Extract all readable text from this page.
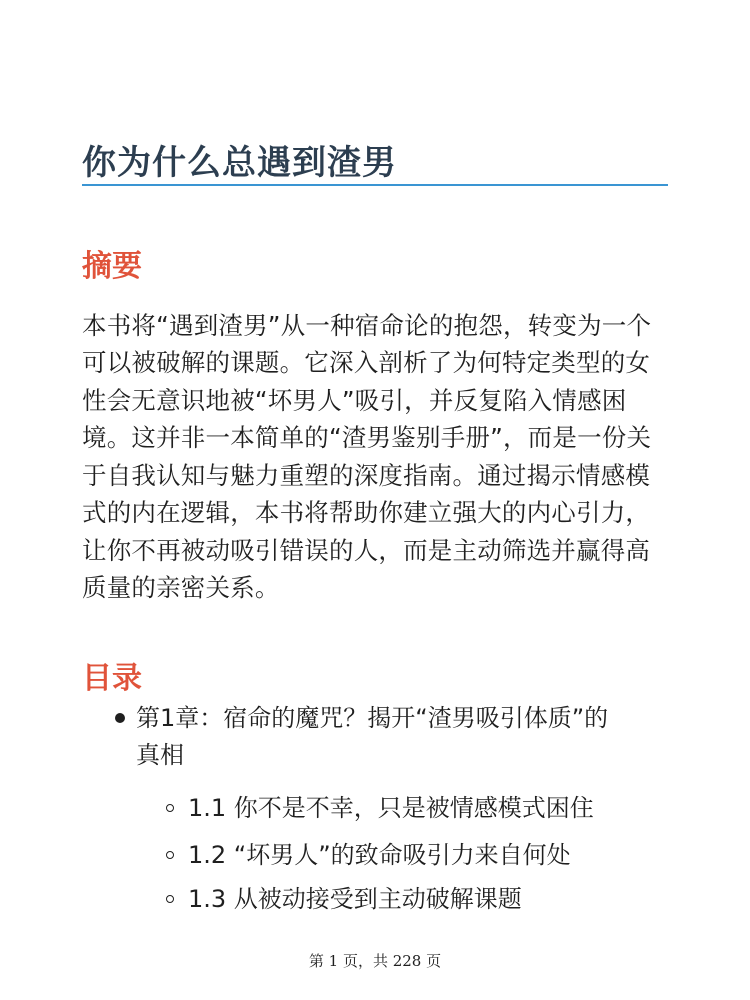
你为什么总遇到渣男
摘要

本书将“遇到渣男”从一种宿命论的抱怨，转变为一个可以被破解的课题。它深入剖析了为何特定类型的女性会无意识地被“坏男人”吸引，并反复陷入情感困境。这并非一本简单的“渣男鉴别手册”，而是一份关于自我认知与魅力重塑的深度指南。通过揭示情感模式的内在逻辑，本书将帮助你建立强大的内心引力，让你不再被动吸引错误的人，而是主动筛选并赢得高质量的亲密关系。

目录
第1章：宿命的魔咒？揭开“渣男吸引体质”的真相
1.1 你不是不幸，只是被情感模式困住
1.2 “坏男人”的致命吸引力来自何处
1.3 从被动接受到主动破解课题
第 1 页，共 228 页
